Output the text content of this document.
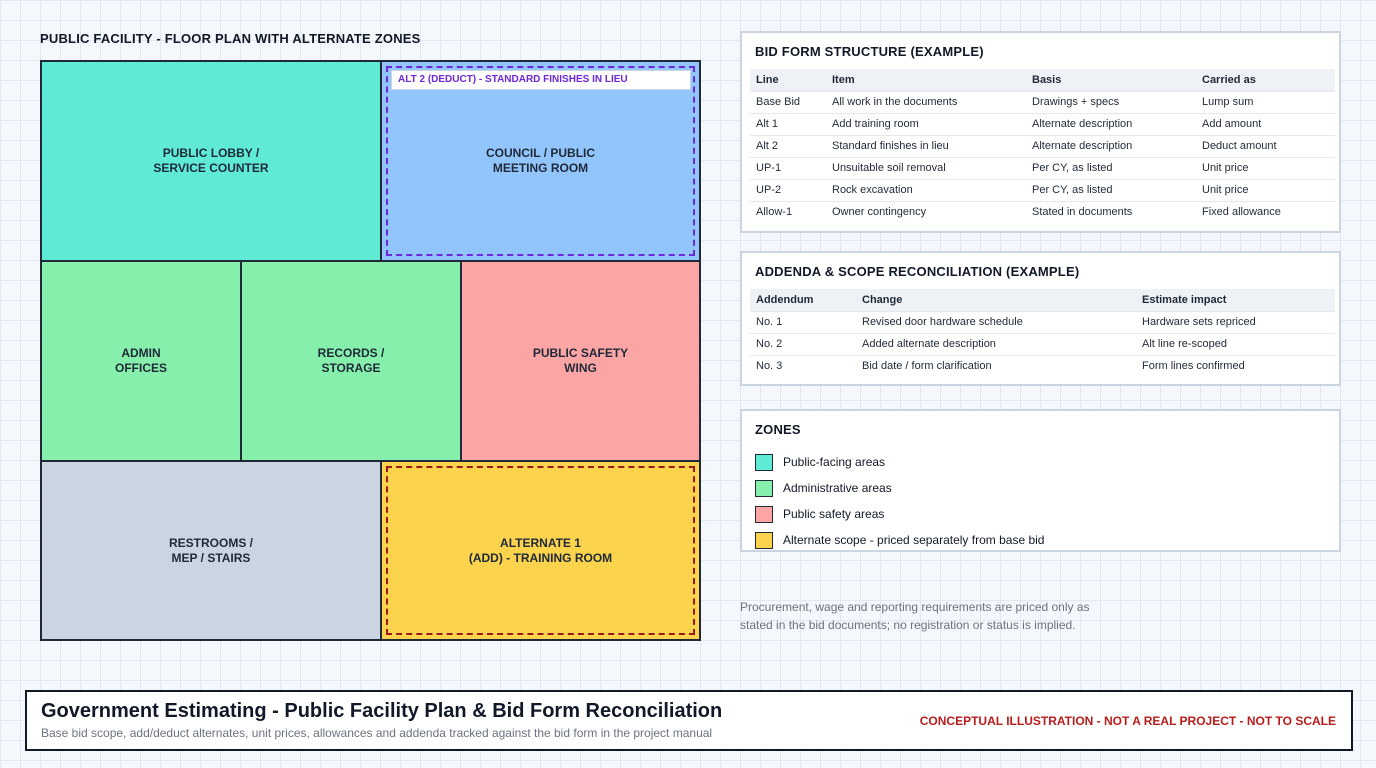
PUBLIC FACILITY - FLOOR PLAN WITH ALTERNATE ZONES
PUBLIC LOBBY /
SERVICE COUNTER
ALT 2 (DEDUCT) - STANDARD FINISHES IN LIEU
COUNCIL / PUBLIC
MEETING ROOM
ADMIN
OFFICES
RECORDS /
STORAGE
PUBLIC SAFETY
WING
RESTROOMS /
MEP / STAIRS
ALTERNATE 1
(ADD) - TRAINING ROOM
BID FORM STRUCTURE (EXAMPLE)
Line	Item	Basis	Carried as
Base Bid	All work in the documents	Drawings + specs	Lump sum
Alt 1	Add training room	Alternate description	Add amount
Alt 2	Standard finishes in lieu	Alternate description	Deduct amount
UP-1	Unsuitable soil removal	Per CY, as listed	Unit price
UP-2	Rock excavation	Per CY, as listed	Unit price
Allow-1	Owner contingency	Stated in documents	Fixed allowance
ADDENDA & SCOPE RECONCILIATION (EXAMPLE)
Addendum	Change	Estimate impact
No. 1	Revised door hardware schedule	Hardware sets repriced
No. 2	Added alternate description	Alt line re-scoped
No. 3	Bid date / form clarification	Form lines confirmed
ZONES
Public-facing areas
Administrative areas
Public safety areas
Alternate scope - priced separately from base bid
Procurement, wage and reporting requirements are priced only as stated in the bid documents; no registration or status is implied.
Government Estimating - Public Facility Plan & Bid Form Reconciliation
Base bid scope, add/deduct alternates, unit prices, allowances and addenda tracked against the bid form in the project manual
CONCEPTUAL ILLUSTRATION - NOT A REAL PROJECT - NOT TO SCALE
